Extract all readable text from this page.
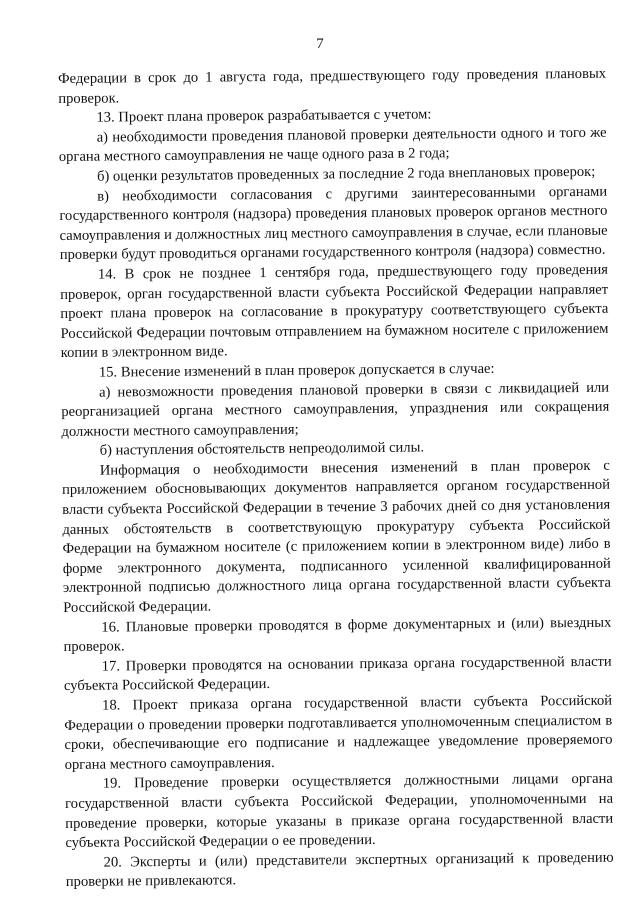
7

Федерации в срок до 1 августа года, предшествующего году проведения плановых проверок.

13. Проект плана проверок разрабатывается с учетом:

а) необходимости проведения плановой проверки деятельности одного и того же органа местного самоуправления не чаще одного раза в 2 года;

б) оценки результатов проведенных за последние 2 года внеплановых проверок;

в) необходимости согласования с другими заинтересованными органами государственного контроля (надзора) проведения плановых проверок органов местного самоуправления и должностных лиц местного самоуправления в случае, если плановые проверки будут проводиться органами государственного контроля (надзора) совместно.

14. В срок не позднее 1 сентября года, предшествующего году проведения проверок, орган государственной власти субъекта Российской Федерации направляет проект плана проверок на согласование в прокуратуру соответствующего субъекта Российской Федерации почтовым отправлением на бумажном носителе с приложением копии в электронном виде.

15. Внесение изменений в план проверок допускается в случае:

а) невозможности проведения плановой проверки в связи с ликвидацией или реорганизацией органа местного самоуправления, упразднения или сокращения должности местного самоуправления;

б) наступления обстоятельств непреодолимой силы.

Информация о необходимости внесения изменений в план проверок с приложением обосновывающих документов направляется органом государственной власти субъекта Российской Федерации в течение 3 рабочих дней со дня установления данных обстоятельств в соответствующую прокуратуру субъекта Российской Федерации на бумажном носителе (с приложением копии в электронном виде) либо в форме электронного документа, подписанного усиленной квалифицированной электронной подписью должностного лица органа государственной власти субъекта Российской Федерации.

16. Плановые проверки проводятся в форме документарных и (или) выездных проверок.

17. Проверки проводятся на основании приказа органа государственной власти субъекта Российской Федерации.

18. Проект приказа органа государственной власти субъекта Российской Федерации о проведении проверки подготавливается уполномоченным специалистом в сроки, обеспечивающие его подписание и надлежащее уведомление проверяемого органа местного самоуправления.

19. Проведение проверки осуществляется должностными лицами органа государственной власти субъекта Российской Федерации, уполномоченными на проведение проверки, которые указаны в приказе органа государственной власти субъекта Российской Федерации о ее проведении.

20. Эксперты и (или) представители экспертных организаций к проведению проверки не привлекаются.
